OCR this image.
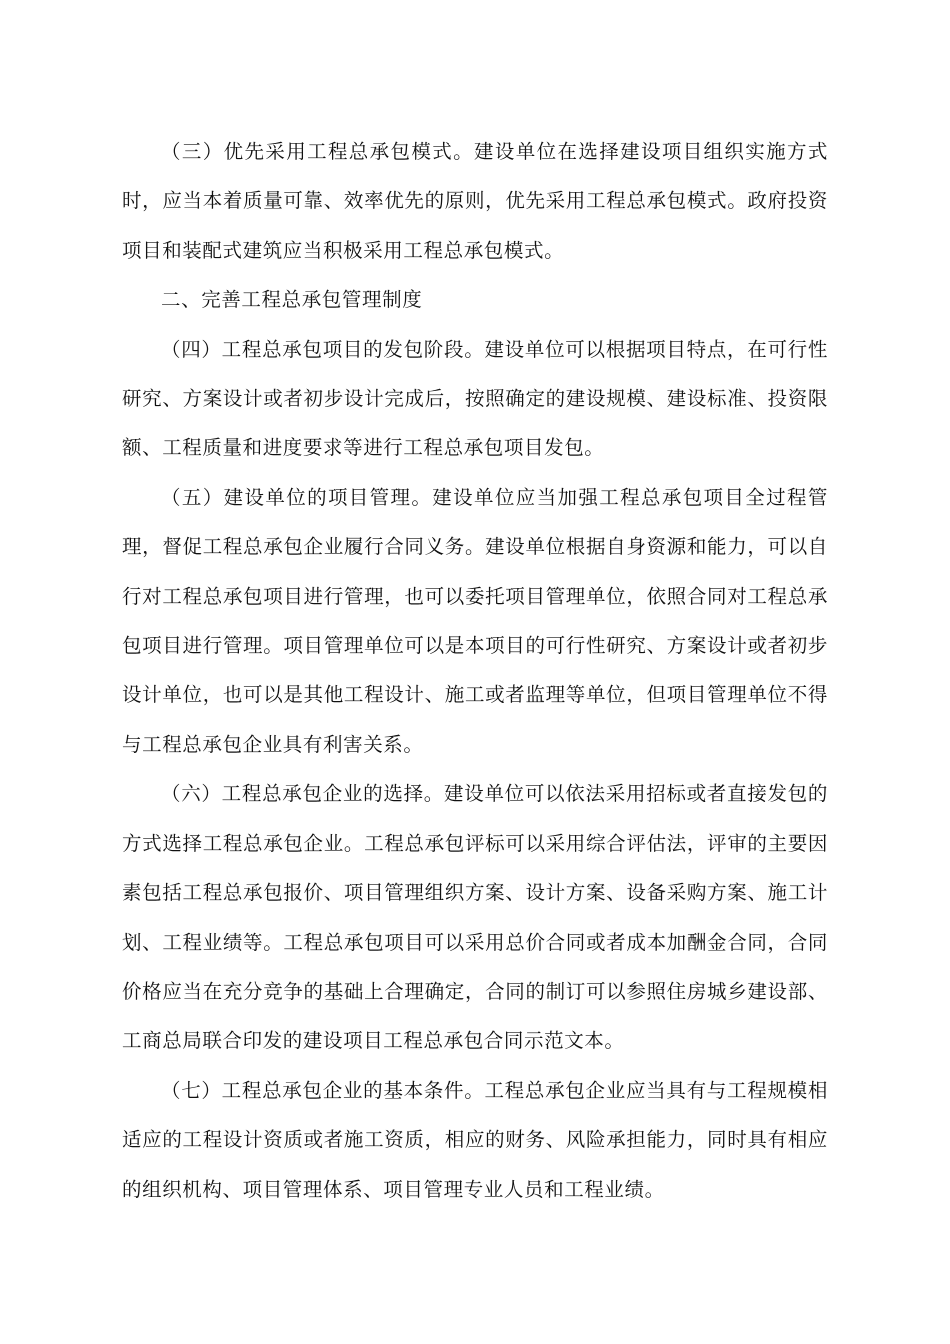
（三）优先采用工程总承包模式。建设单位在选择建设项目组织实施方式时，应当本着质量可靠、效率优先的原则，优先采用工程总承包模式。政府投资项目和装配式建筑应当积极采用工程总承包模式。

二、完善工程总承包管理制度

（四）工程总承包项目的发包阶段。建设单位可以根据项目特点，在可行性研究、方案设计或者初步设计完成后，按照确定的建设规模、建设标准、投资限额、工程质量和进度要求等进行工程总承包项目发包。

（五）建设单位的项目管理。建设单位应当加强工程总承包项目全过程管理，督促工程总承包企业履行合同义务。建设单位根据自身资源和能力，可以自行对工程总承包项目进行管理，也可以委托项目管理单位，依照合同对工程总承包项目进行管理。项目管理单位可以是本项目的可行性研究、方案设计或者初步设计单位，也可以是其他工程设计、施工或者监理等单位，但项目管理单位不得与工程总承包企业具有利害关系。

（六）工程总承包企业的选择。建设单位可以依法采用招标或者直接发包的方式选择工程总承包企业。工程总承包评标可以采用综合评估法，评审的主要因素包括工程总承包报价、项目管理组织方案、设计方案、设备采购方案、施工计划、工程业绩等。工程总承包项目可以采用总价合同或者成本加酬金合同，合同价格应当在充分竞争的基础上合理确定，合同的制订可以参照住房城乡建设部、工商总局联合印发的建设项目工程总承包合同示范文本。

（七）工程总承包企业的基本条件。工程总承包企业应当具有与工程规模相适应的工程设计资质或者施工资质，相应的财务、风险承担能力，同时具有相应的组织机构、项目管理体系、项目管理专业人员和工程业绩。
